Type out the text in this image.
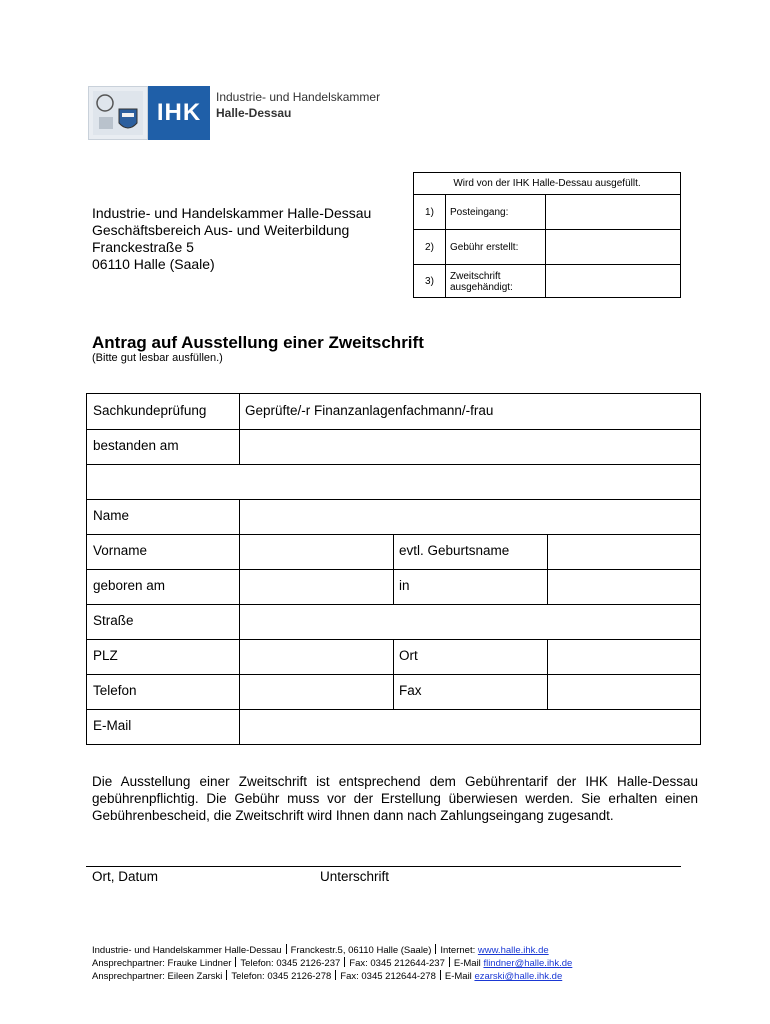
IHK
Industrie- und Handelskammer
Halle-Dessau
Wird von der IHK Halle-Dessau ausgefüllt.
1)	Posteingang:
2)	Gebühr erstellt:
3)	Zweitschrift ausgehändigt:
Industrie- und Handelskammer Halle-Dessau
Geschäftsbereich Aus- und Weiterbildung
Franckestraße 5
06110 Halle (Saale)
Antrag auf Ausstellung einer Zweitschrift
(Bitte gut lesbar ausfüllen.)
Sachkundeprüfung	Geprüfte/-r Finanzanlagenfachmann/-frau
bestanden am
Name
Vorname	evtl. Geburtsname
geboren am	in
Straße
PLZ	Ort
Telefon	Fax
E-Mail
Die Ausstellung einer Zweitschrift ist entsprechend dem Gebührentarif der IHK Halle-Dessau gebührenpflichtig. Die Gebühr muss vor der Erstellung überwiesen werden. Sie erhalten einen Gebührenbescheid, die Zweitschrift wird Ihnen dann nach Zahlungseingang zugesandt.
Ort, Datum	Unterschrift
Industrie- und Handelskammer Halle-Dessau Franckestr.5, 06110 Halle (Saale) Internet: www.halle.ihk.de
Ansprechpartner: Frauke Lindner Telefon: 0345 2126-237 Fax: 0345 212644-237 E-Mail flindner@halle.ihk.de
Ansprechpartner: Eileen Zarski Telefon: 0345 2126-278 Fax: 0345 212644-278 E-Mail ezarski@halle.ihk.de
